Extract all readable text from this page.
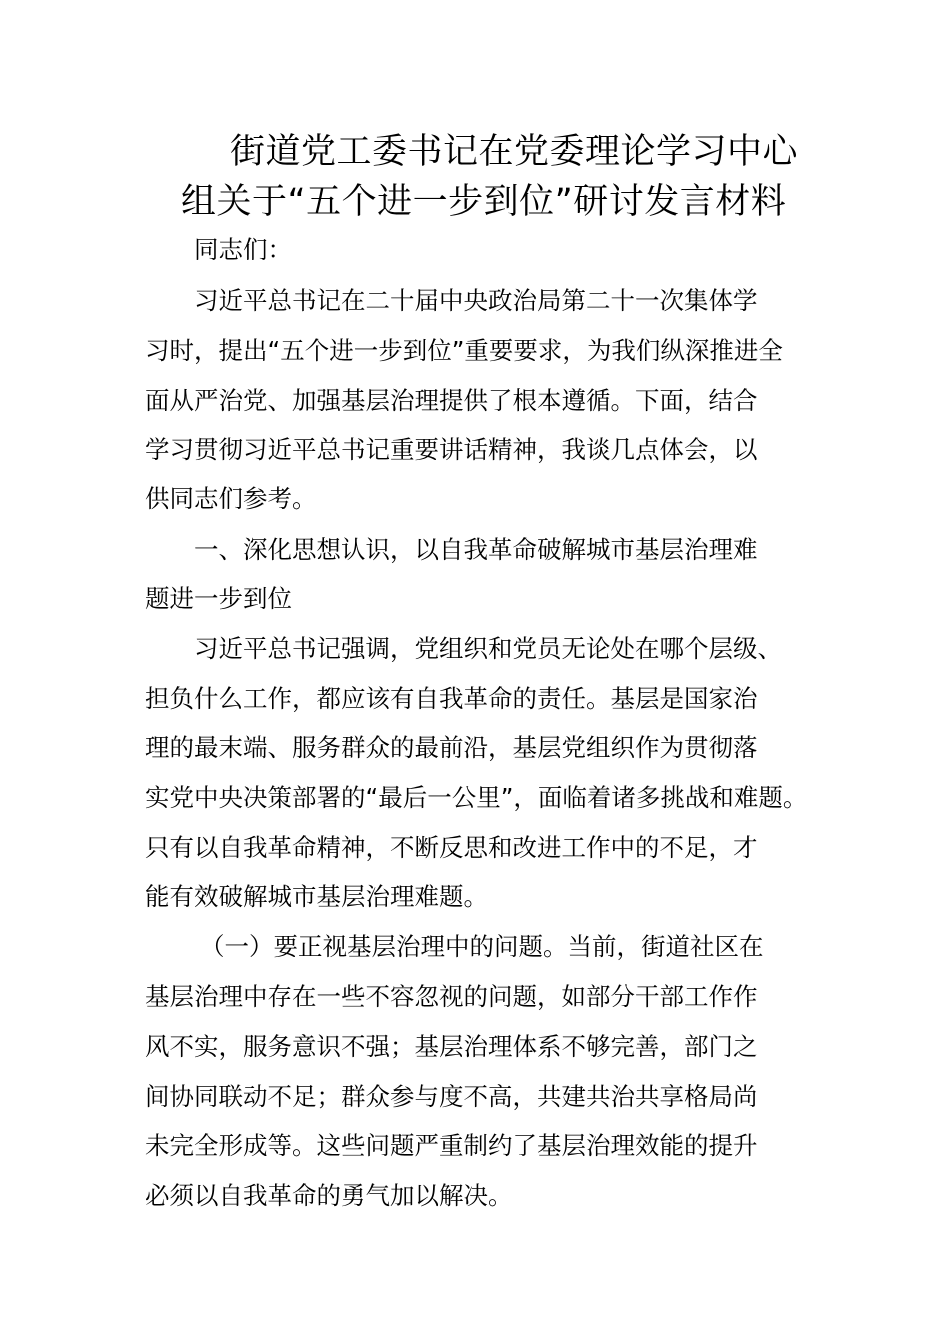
街道党工委书记在党委理论学习中心
组关于“五个进一步到位”研讨发言材料
同志们：
习近平总书记在二十届中央政治局第二十一次集体学
习时，提出“五个进一步到位”重要要求，为我们纵深推进全
面从严治党、加强基层治理提供了根本遵循。下面，结合
学习贯彻习近平总书记重要讲话精神，我谈几点体会，以
供同志们参考。
一、深化思想认识，以自我革命破解城市基层治理难
题进一步到位
习近平总书记强调，党组织和党员无论处在哪个层级、
担负什么工作，都应该有自我革命的责任。基层是国家治
理的最末端、服务群众的最前沿，基层党组织作为贯彻落
实党中央决策部署的“最后一公里”，面临着诸多挑战和难题。
只有以自我革命精神，不断反思和改进工作中的不足，才
能有效破解城市基层治理难题。
（一）要正视基层治理中的问题。当前，街道社区在
基层治理中存在一些不容忽视的问题，如部分干部工作作
风不实，服务意识不强；基层治理体系不够完善，部门之
间协同联动不足；群众参与度不高，共建共治共享格局尚
未完全形成等。这些问题严重制约了基层治理效能的提升
必须以自我革命的勇气加以解决。
